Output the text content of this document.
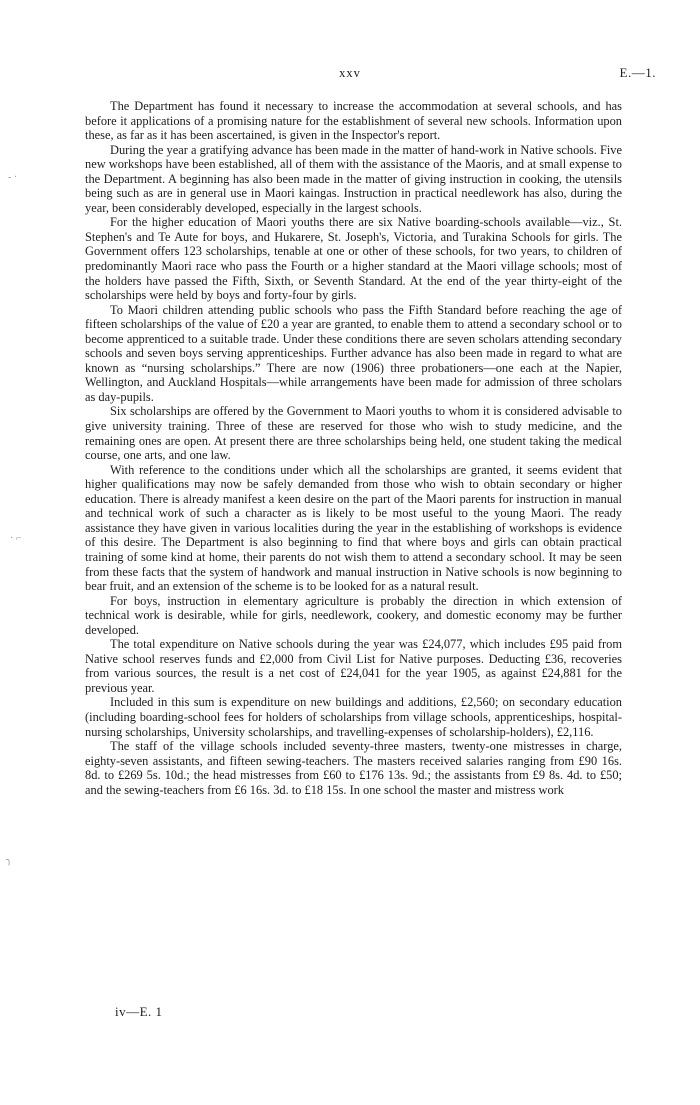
xxv	E.—1.

The Department has found it necessary to increase the accommodation at several schools, and has before it applications of a promising nature for the establishment of several new schools. Information upon these, as far as it has been ascertained, is given in the Inspector's report.

During the year a gratifying advance has been made in the matter of hand-work in Native schools. Five new workshops have been established, all of them with the assistance of the Maoris, and at small expense to the Department. A beginning has also been made in the matter of giving instruction in cooking, the utensils being such as are in general use in Maori kaingas. Instruction in practical needlework has also, during the year, been considerably developed, especially in the largest schools.

For the higher education of Maori youths there are six Native boarding-schools available—viz., St. Stephen's and Te Aute for boys, and Hukarere, St. Joseph's, Victoria, and Turakina Schools for girls. The Government offers 123 scholarships, tenable at one or other of these schools, for two years, to children of predominantly Maori race who pass the Fourth or a higher standard at the Maori village schools; most of the holders have passed the Fifth, Sixth, or Seventh Standard. At the end of the year thirty-eight of the scholarships were held by boys and forty-four by girls.

To Maori children attending public schools who pass the Fifth Standard before reaching the age of fifteen scholarships of the value of £20 a year are granted, to enable them to attend a secondary school or to become apprenticed to a suitable trade. Under these conditions there are seven scholars attending secondary schools and seven boys serving apprenticeships. Further advance has also been made in regard to what are known as “nursing scholarships.” There are now (1906) three probationers—one each at the Napier, Wellington, and Auckland Hospitals—while arrangements have been made for admission of three scholars as day-pupils.

Six scholarships are offered by the Government to Maori youths to whom it is considered advisable to give university training. Three of these are reserved for those who wish to study medicine, and the remaining ones are open. At present there are three scholarships being held, one student taking the medical course, one arts, and one law.

With reference to the conditions under which all the scholarships are granted, it seems evident that higher qualifications may now be safely demanded from those who wish to obtain secondary or higher education. There is already manifest a keen desire on the part of the Maori parents for instruction in manual and technical work of such a character as is likely to be most useful to the young Maori. The ready assistance they have given in various localities during the year in the establishing of workshops is evidence of this desire. The Department is also beginning to find that where boys and girls can obtain practical training of some kind at home, their parents do not wish them to attend a secondary school. It may be seen from these facts that the system of handwork and manual instruction in Native schools is now beginning to bear fruit, and an extension of the scheme is to be looked for as a natural result.

For boys, instruction in elementary agriculture is probably the direction in which extension of technical work is desirable, while for girls, needlework, cookery, and domestic economy may be further developed.

The total expenditure on Native schools during the year was £24,077, which includes £95 paid from Native school reserves funds and £2,000 from Civil List for Native purposes. Deducting £36, recoveries from various sources, the result is a net cost of £24,041 for the year 1905, as against £24,881 for the previous year.

Included in this sum is expenditure on new buildings and additions, £2,560; on secondary education (including boarding-school fees for holders of scholarships from village schools, apprenticeships, hospital-nursing scholarships, University scholarships, and travelling-expenses of scholarship-holders), £2,116.

The staff of the village schools included seventy-three masters, twenty-one mistresses in charge, eighty-seven assistants, and fifteen sewing-teachers. The masters received salaries ranging from £90 16s. 8d. to £269 5s. 10d.; the head mistresses from £60 to £176 13s. 9d.; the assistants from £9 8s. 4d. to £50; and the sewing-teachers from £6 16s. 3d. to £18 15s. In one school the master and mistress work

iv—E. 1
- ·
· ⌐
╮
